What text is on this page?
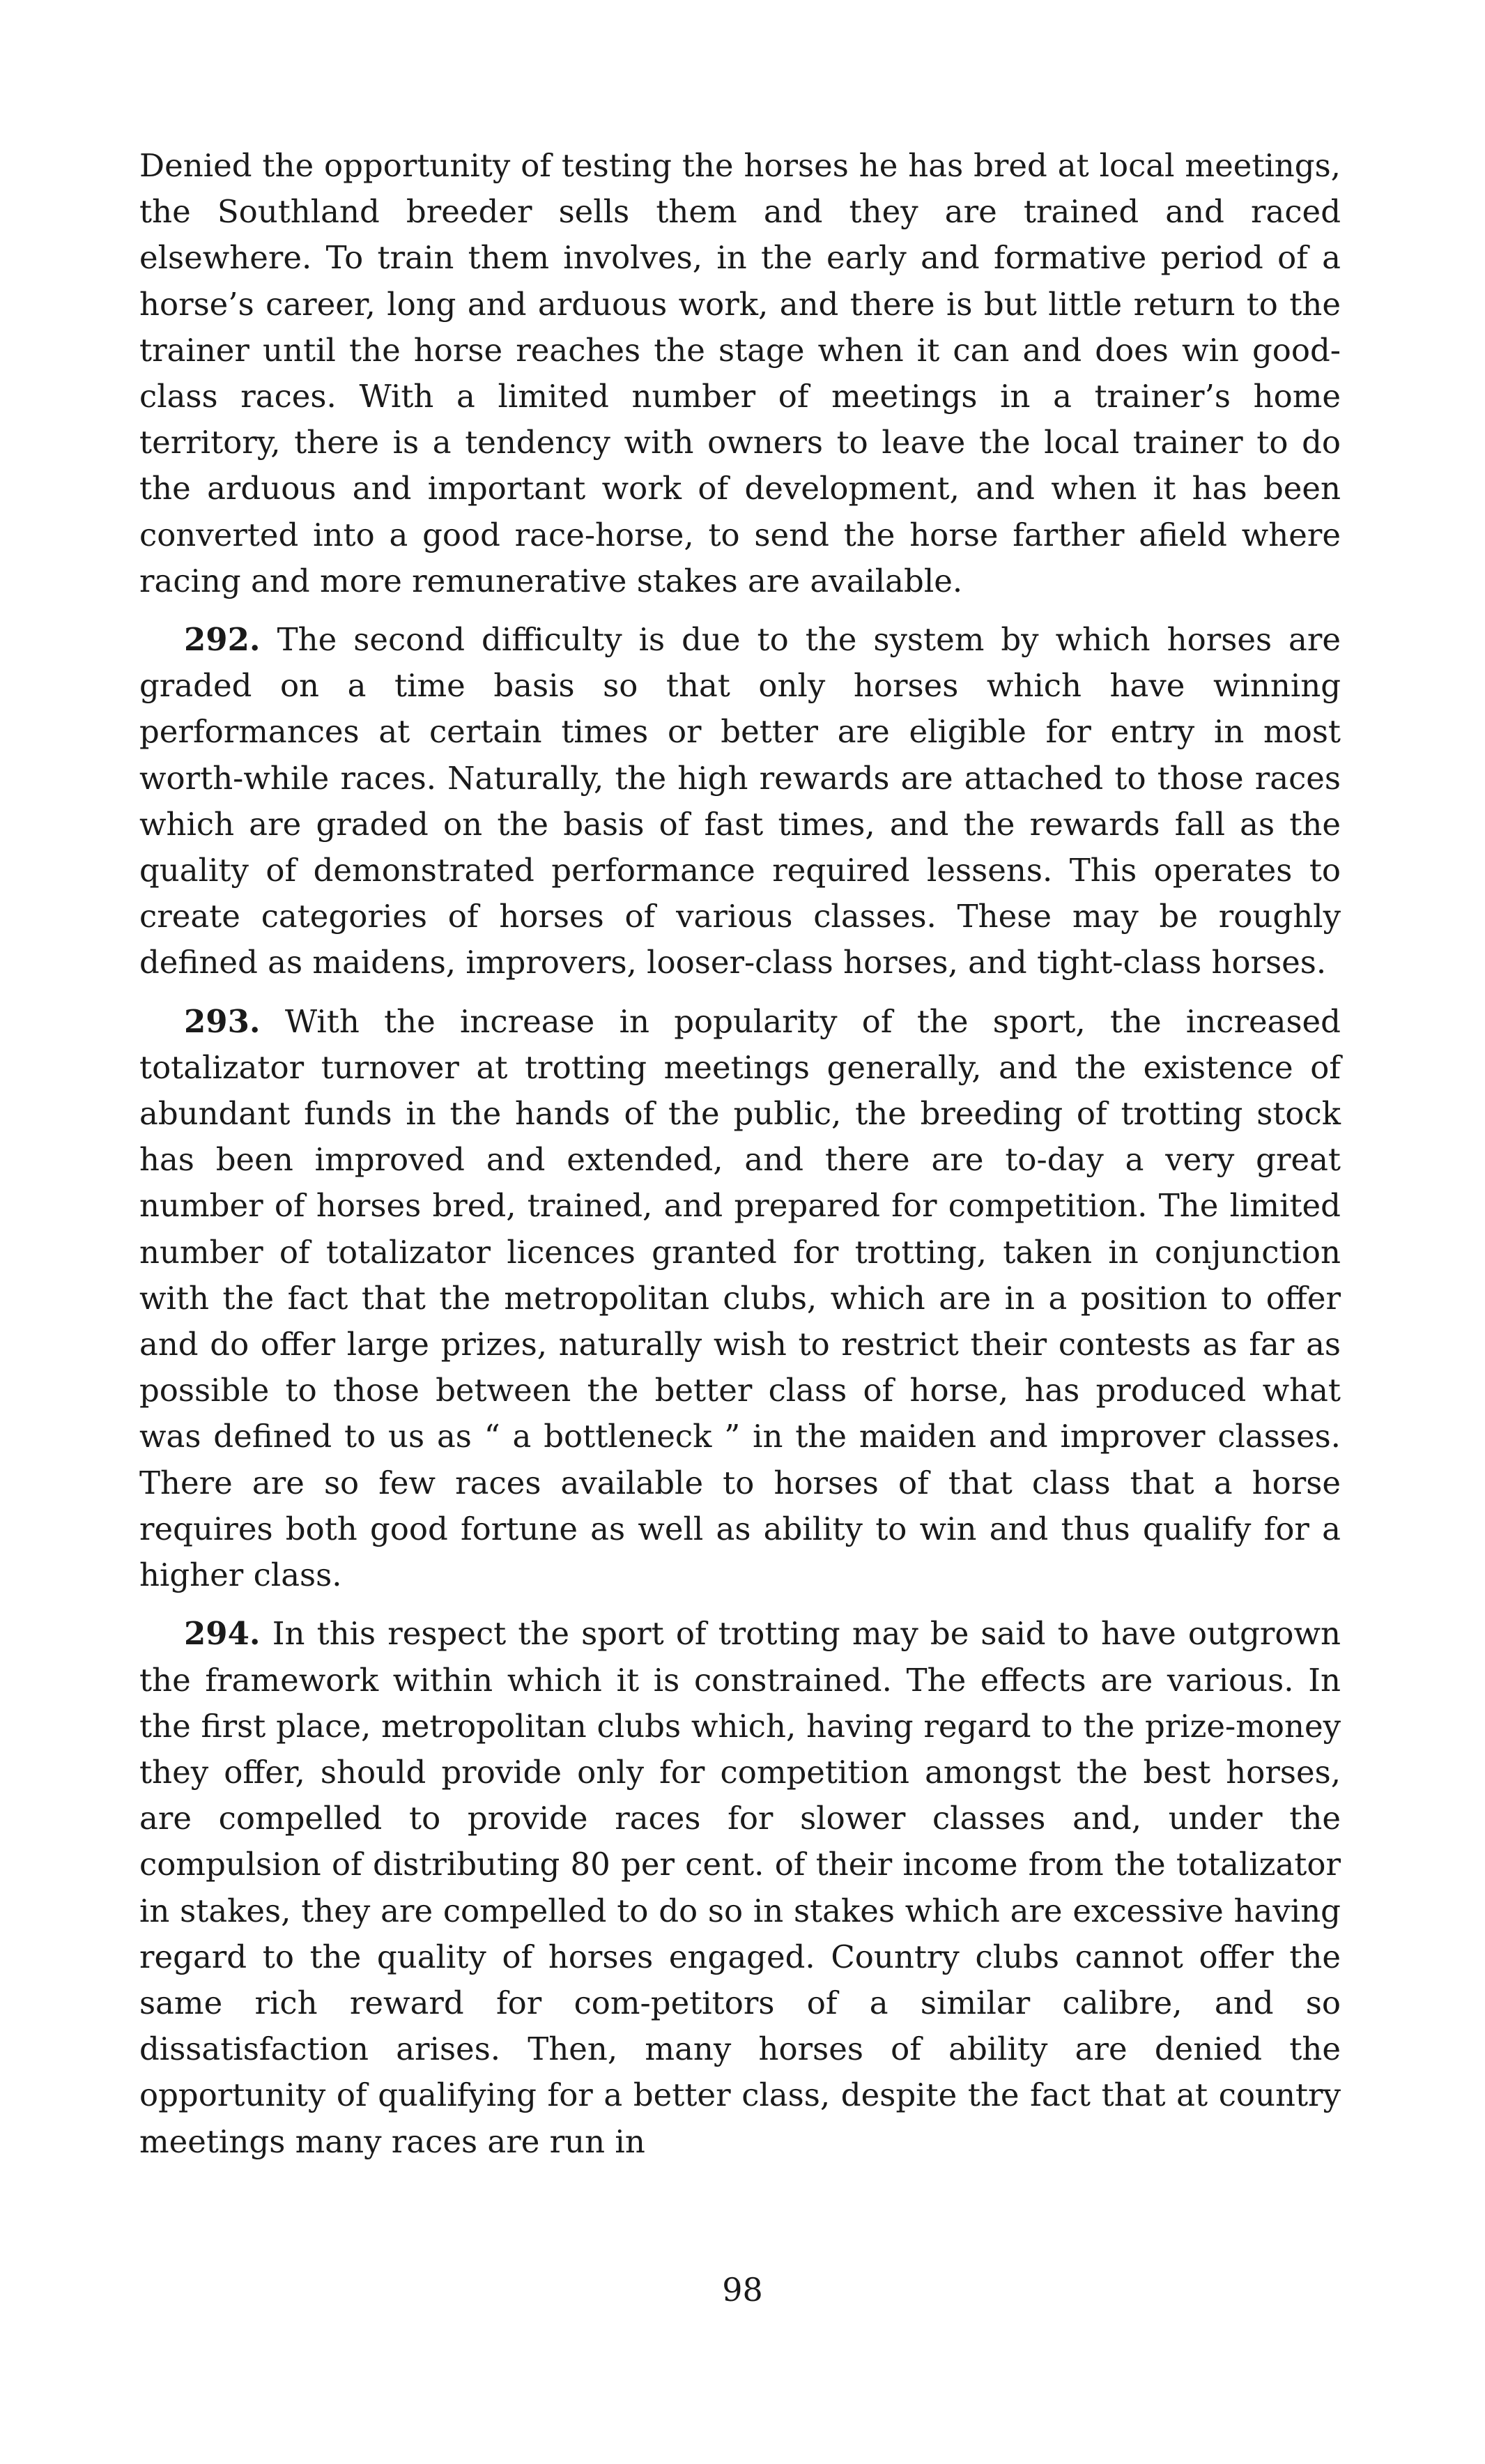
Denied the opportunity of testing the horses he has bred at local meetings, the Southland breeder sells them and they are trained and raced elsewhere. To train them involves, in the early and formative period of a horse’s career, long and arduous work, and there is but little return to the trainer until the horse reaches the stage when it can and does win good-class races. With a limited number of meetings in a trainer’s home territory, there is a tendency with owners to leave the local trainer to do the arduous and important work of development, and when it has been converted into a good race-horse, to send the horse farther afield where racing and more remunerative stakes are available.

292. The second difficulty is due to the system by which horses are graded on a time basis so that only horses which have winning performances at certain times or better are eligible for entry in most worth-while races. Naturally, the high rewards are attached to those races which are graded on the basis of fast times, and the rewards fall as the quality of demonstrated performance required lessens. This operates to create categories of horses of various classes. These may be roughly defined as maidens, improvers, looser-class horses, and tight-class horses.

293. With the increase in popularity of the sport, the increased totalizator turnover at trotting meetings generally, and the existence of abundant funds in the hands of the public, the breeding of trotting stock has been improved and extended, and there are to-day a very great number of horses bred, trained, and prepared for competition. The limited number of totalizator licences granted for trotting, taken in conjunction with the fact that the metropolitan clubs, which are in a position to offer and do offer large prizes, naturally wish to restrict their contests as far as possible to those between the better class of horse, has produced what was defined to us as “ a bottleneck ” in the maiden and improver classes. There are so few races available to horses of that class that a horse requires both good fortune as well as ability to win and thus qualify for a higher class.

294. In this respect the sport of trotting may be said to have outgrown the framework within which it is constrained. The effects are various. In the first place, metropolitan clubs which, having regard to the prize-money they offer, should provide only for competition amongst the best horses, are compelled to provide races for slower classes and, under the compulsion of distributing 80 per cent. of their income from the totalizator in stakes, they are compelled to do so in stakes which are excessive having regard to the quality of horses engaged. Country clubs cannot offer the same rich reward for com-petitors of a similar calibre, and so dissatisfaction arises. Then, many horses of ability are denied the opportunity of qualifying for a better class, despite the fact that at country meetings many races are run in

98
